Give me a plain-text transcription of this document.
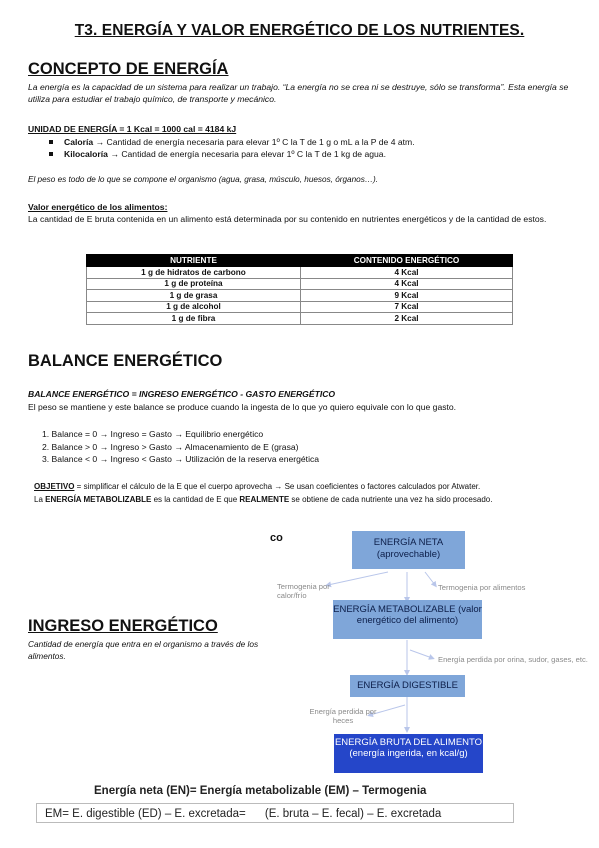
T3. ENERGÍA Y VALOR ENERGÉTICO DE LOS NUTRIENTES.
CONCEPTO DE ENERGÍA
La energía es la capacidad de un sistema para realizar un trabajo. “La energía no se crea ni se destruye, sólo se transforma”. Esta energía se utiliza para estudiar el trabajo químico, de transporte y mecánico.
UNIDAD DE ENERGÍA = 1 Kcal = 1000 cal = 4184 kJ
Caloría → Cantidad de energía necesaria para elevar 1º C la T de 1 g o mL a la P de 4 atm.
Kilocaloría → Cantidad de energía necesaria para elevar 1º C la T de 1 kg de agua.
El peso es todo de lo que se compone el organismo (agua, grasa, músculo, huesos, órganos…).
Valor energético de los alimentos:
La cantidad de E bruta contenida en un alimento está determinada por su contenido en nutrientes energéticos y de la cantidad de estos.
NUTRIENTE	CONTENIDO ENERGÉTICO
1 g de hidratos de carbono	4 Kcal
1 g de proteína	4 Kcal
1 g de grasa	9 Kcal
1 g de alcohol	7 Kcal
1 g de fibra	2 Kcal
BALANCE ENERGÉTICO
BALANCE ENERGÉTICO = INGRESO ENERGÉTICO - GASTO ENERGÉTICO
El peso se mantiene y este balance se produce cuando la ingesta de lo que yo quiero equivale con lo que gasto.
1. Balance = 0 → Ingreso = Gasto → Equilibrio energético
2. Balance > 0 → Ingreso > Gasto → Almacenamiento de E (grasa)
3. Balance < 0 → Ingreso < Gasto → Utilización de la reserva energética
OBJETIVO = simplificar el cálculo de la E que el cuerpo aprovecha → Se usan coeficientes o factores calculados por Atwater.
La ENERGÍA METABOLIZABLE es la cantidad de E que REALMENTE se obtiene de cada nutriente una vez ha sido procesado.
INGRESO ENERGÉTICO
Cantidad de energía que entra en el organismo a través de los alimentos.
co	ENERGÍA NETA (aprovechable)
ENERGÍA METABOLIZABLE (valor energético del alimento)
ENERGÍA DIGESTIBLE
ENERGÍA BRUTA DEL ALIMENTO (energía ingerida, en kcal/g)
Termogenia por calor/frío
Termogenia por alimentos
Energía perdida por orina, sudor, gases, etc.
Energía perdida por heces
Energía neta (EN)= Energía metabolizable (EM) – Termogenia
EM= E. digestible (ED) – E. excretada=      (E. bruta – E. fecal) – E. excretada
